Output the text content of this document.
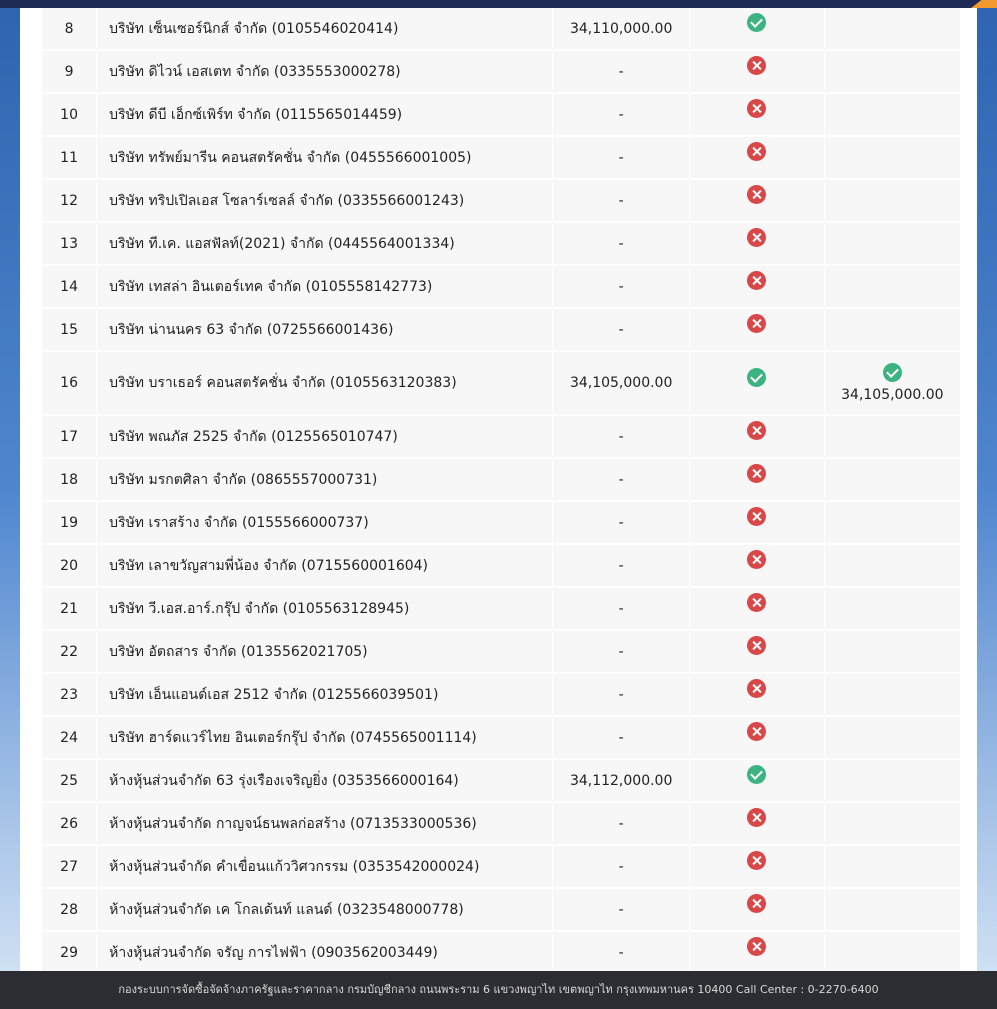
8	บริษัท เซ็นเซอร์นิกส์ จำกัด (0105546020414)	34,110,000.00		
9	บริษัท ดิไวน์ เอสเตท จำกัด (0335553000278)	-		
10	บริษัท ดีบี เอ็กซ์เพิร์ท จำกัด (0115565014459)	-		
11	บริษัท ทรัพย์มารีน คอนสตรัคชั่น จำกัด (0455566001005)	-		
12	บริษัท ทริปเปิลเอส โซลาร์เซลล์ จำกัด (0335566001243)	-		
13	บริษัท ที.เค. แอสฟัลท์(2021) จำกัด (0445564001334)	-		
14	บริษัท เทสล่า อินเตอร์เทค จำกัด (0105558142773)	-		
15	บริษัท น่านนคร 63 จำกัด (0725566001436)	-		
16	บริษัท บราเธอร์ คอนสตรัคชั่น จำกัด (0105563120383)	34,105,000.00		34,105,000.00

17	บริษัท พณภัส 2525 จำกัด (0125565010747)	-		
18	บริษัท มรกตศิลา จำกัด (0865557000731)	-		
19	บริษัท เราสร้าง จำกัด (0155566000737)	-		
20	บริษัท เลาขวัญสามพี่น้อง จำกัด (0715560001604)	-		
21	บริษัท วี.เอส.อาร์.กรุ๊ป จำกัด (0105563128945)	-		
22	บริษัท อัตถสาร จำกัด (0135562021705)	-		
23	บริษัท เอ็นแอนด์เอส 2512 จำกัด (0125566039501)	-		
24	บริษัท ฮาร์ดแวร์ไทย อินเตอร์กรุ๊ป จำกัด (0745565001114)	-		
25	ห้างหุ้นส่วนจำกัด 63 รุ่งเรืองเจริญยิ่ง (0353566000164)	34,112,000.00		
26	ห้างหุ้นส่วนจำกัด กาญจน์ธนพลก่อสร้าง (0713533000536)	-		
27	ห้างหุ้นส่วนจำกัด คำเขื่อนแก้ววิศวกรรม (0353542000024)	-		
28	ห้างหุ้นส่วนจำกัด เค โกลเด้นท์ แลนด์ (0323548000778)	-		
29	ห้างหุ้นส่วนจำกัด จรัญ การไฟฟ้า (0903562003449)	-		
กองระบบการจัดซื้อจัดจ้างภาครัฐและราคากลาง กรมบัญชีกลาง ถนนพระราม 6 แขวงพญาไท เขตพญาไท กรุงเทพมหานคร 10400 Call Center : 0-2270-6400
